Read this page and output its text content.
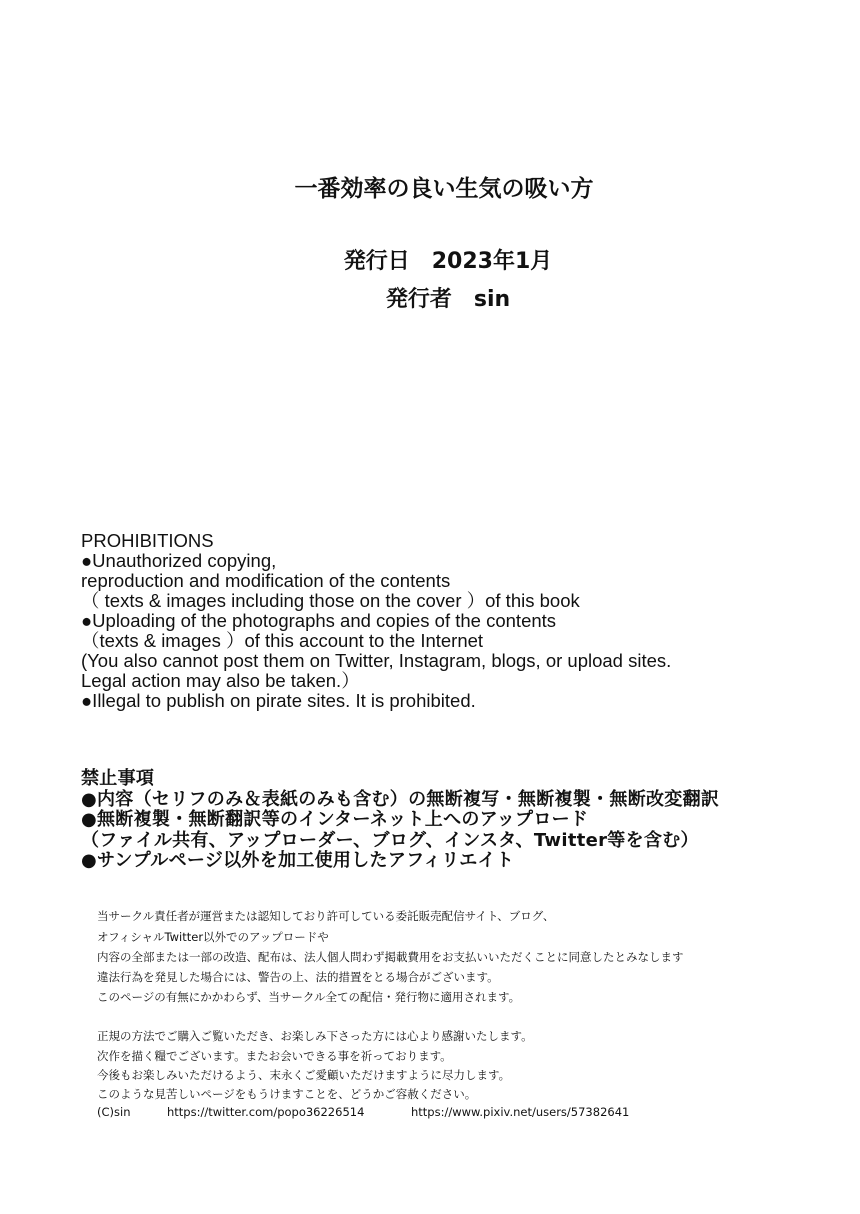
一番効率の良い生気の吸い方
発行日　2023年1月
発行者　sin
PROHIBITIONS
●Unauthorized copying,
reproduction and modification of the contents
（ texts & images including those on the cover ）of this book
●Uploading of the photographs and copies of the contents
（texts & images ）of this account to the Internet
(You also cannot post them on Twitter, Instagram, blogs, or upload sites.
Legal action may also be taken.）
●Illegal to publish on pirate sites. It is prohibited.
禁止事項
●内容（セリフのみ＆表紙のみも含む）の無断複写・無断複製・無断改変翻訳
●無断複製・無断翻訳等のインターネット上へのアップロード
（ファイル共有、アップローダー、ブログ、インスタ、Twitter等を含む）
●サンプルページ以外を加工使用したアフィリエイト
当サークル責任者が運営または認知しており許可している委託販売配信サイト、ブログ、
オフィシャルTwitter以外でのアップロードや
内容の全部または一部の改造、配布は、法人個人問わず掲載費用をお支払いいただくことに同意したとみなします
違法行為を発見した場合には、警告の上、法的措置をとる場合がございます。
このページの有無にかかわらず、当サークル全ての配信・発行物に適用されます。
正規の方法でご購入ご覧いただき、お楽しみ下さった方には心より感謝いたします。
次作を描く糧でございます。またお会いできる事を祈っております。
今後もお楽しみいただけるよう、末永くご愛顧いただけますように尽力します。
このような見苦しいページをもうけますことを、どうかご容赦ください。
(C)sin	https://twitter.com/popo36226514	https://www.pixiv.net/users/57382641
